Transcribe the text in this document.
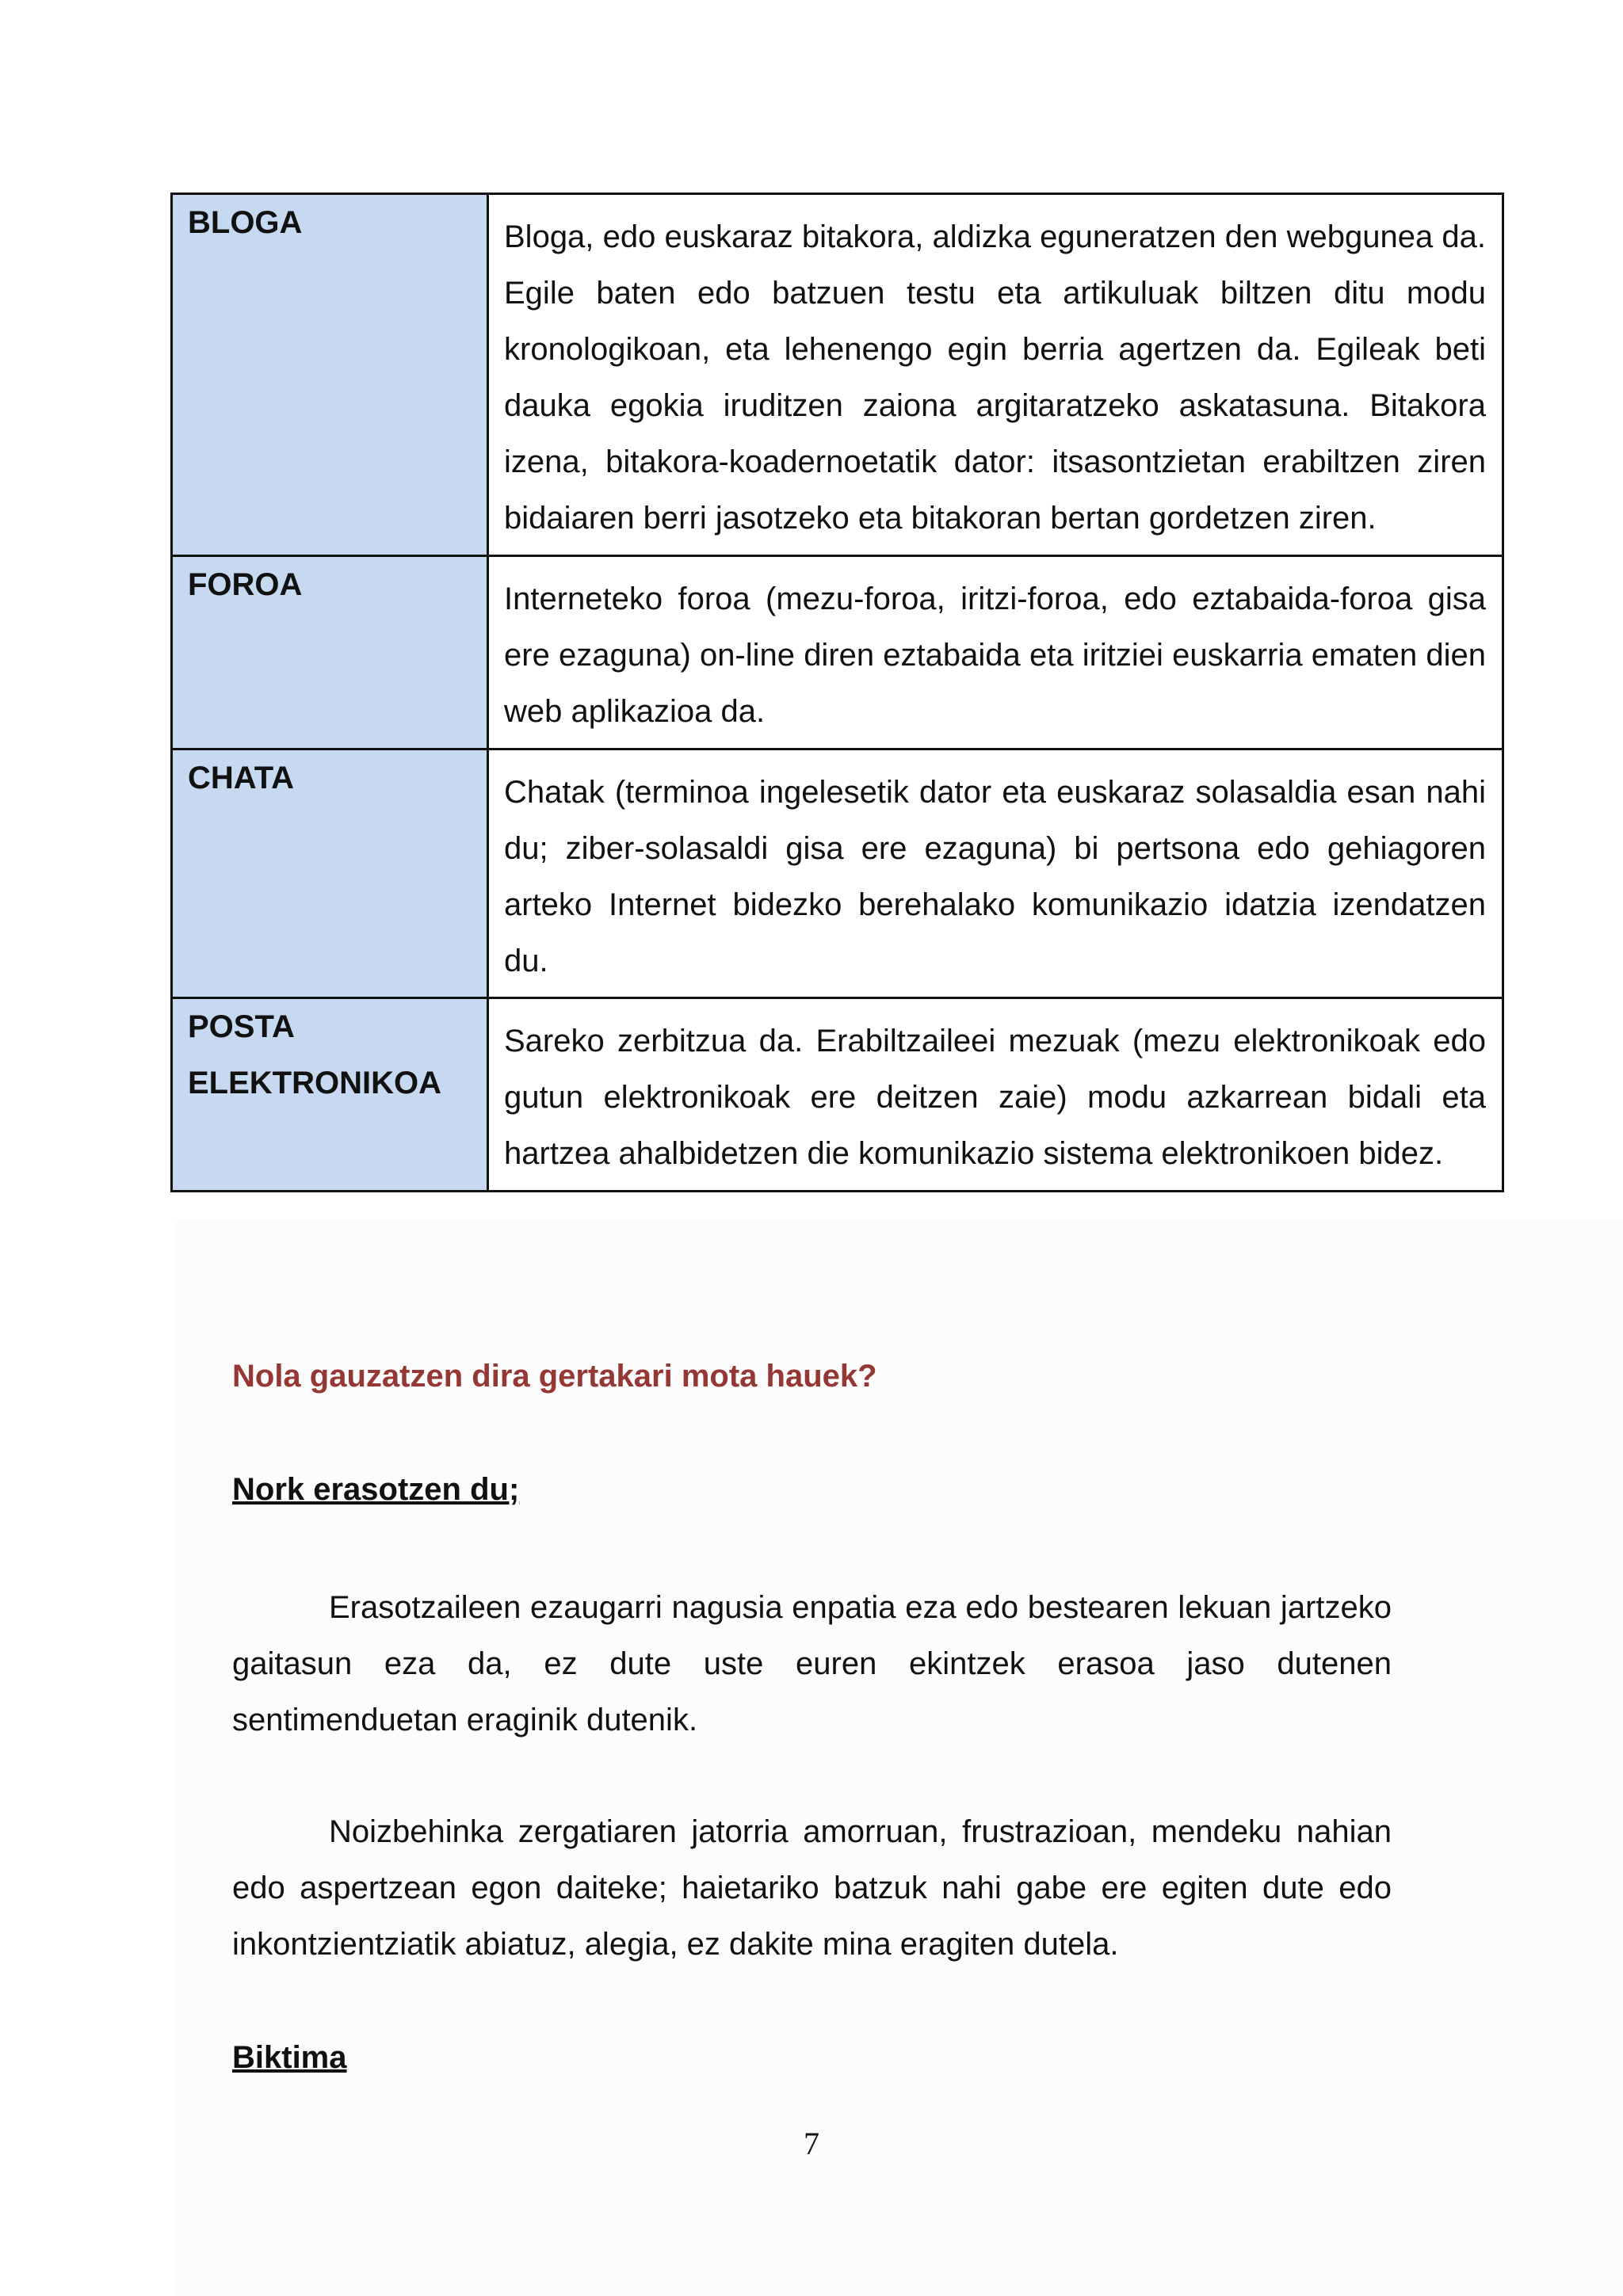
BLOGA	Bloga, edo euskaraz bitakora, aldizka eguneratzen den webgunea da. Egile baten edo batzuen testu eta artikuluak biltzen ditu modu kronologikoan, eta lehenengo egin berria agertzen da. Egileak beti dauka egokia iruditzen zaiona argitaratzeko askatasuna. Bitakora izena, bitakora-koadernoetatik dator: itsasontzietan erabiltzen ziren bidaiaren berri jasotzeko eta bitakoran bertan gordetzen ziren.

FOROA	Interneteko foroa (mezu-foroa, iritzi-foroa, edo eztabaida-foroa gisa ere ezaguna) on-line diren eztabaida eta iritziei euskarria ematen dien web aplikazioa da.

CHATA	Chatak (terminoa ingelesetik dator eta euskaraz solasaldia esan nahi du; ziber-solasaldi gisa ere ezaguna) bi pertsona edo gehiagoren arteko Internet bidezko berehalako komunikazio idatzia izendatzen du.

POSTA
ELEKTRONIKOA	Sareko zerbitzua da. Erabiltzaileei mezuak (mezu elektronikoak edo gutun elektronikoak ere deitzen zaie) modu azkarrean bidali eta hartzea ahalbidetzen die komunikazio sistema elektronikoen bidez.
Nola gauzatzen dira gertakari mota hauek?
Nork erasotzen du;

Erasotzaileen ezaugarri nagusia enpatia eza edo bestearen lekuan jartzeko gaitasun eza da, ez dute uste euren ekintzek erasoa jaso dutenen sentimenduetan eraginik dutenik.

Noizbehinka zergatiaren jatorria amorruan, frustrazioan, mendeku nahian edo aspertzean egon daiteke; haietariko batzuk nahi gabe ere egiten dute edo inkontzientziatik abiatuz, alegia, ez dakite mina eragiten dutela.

Biktima
7
